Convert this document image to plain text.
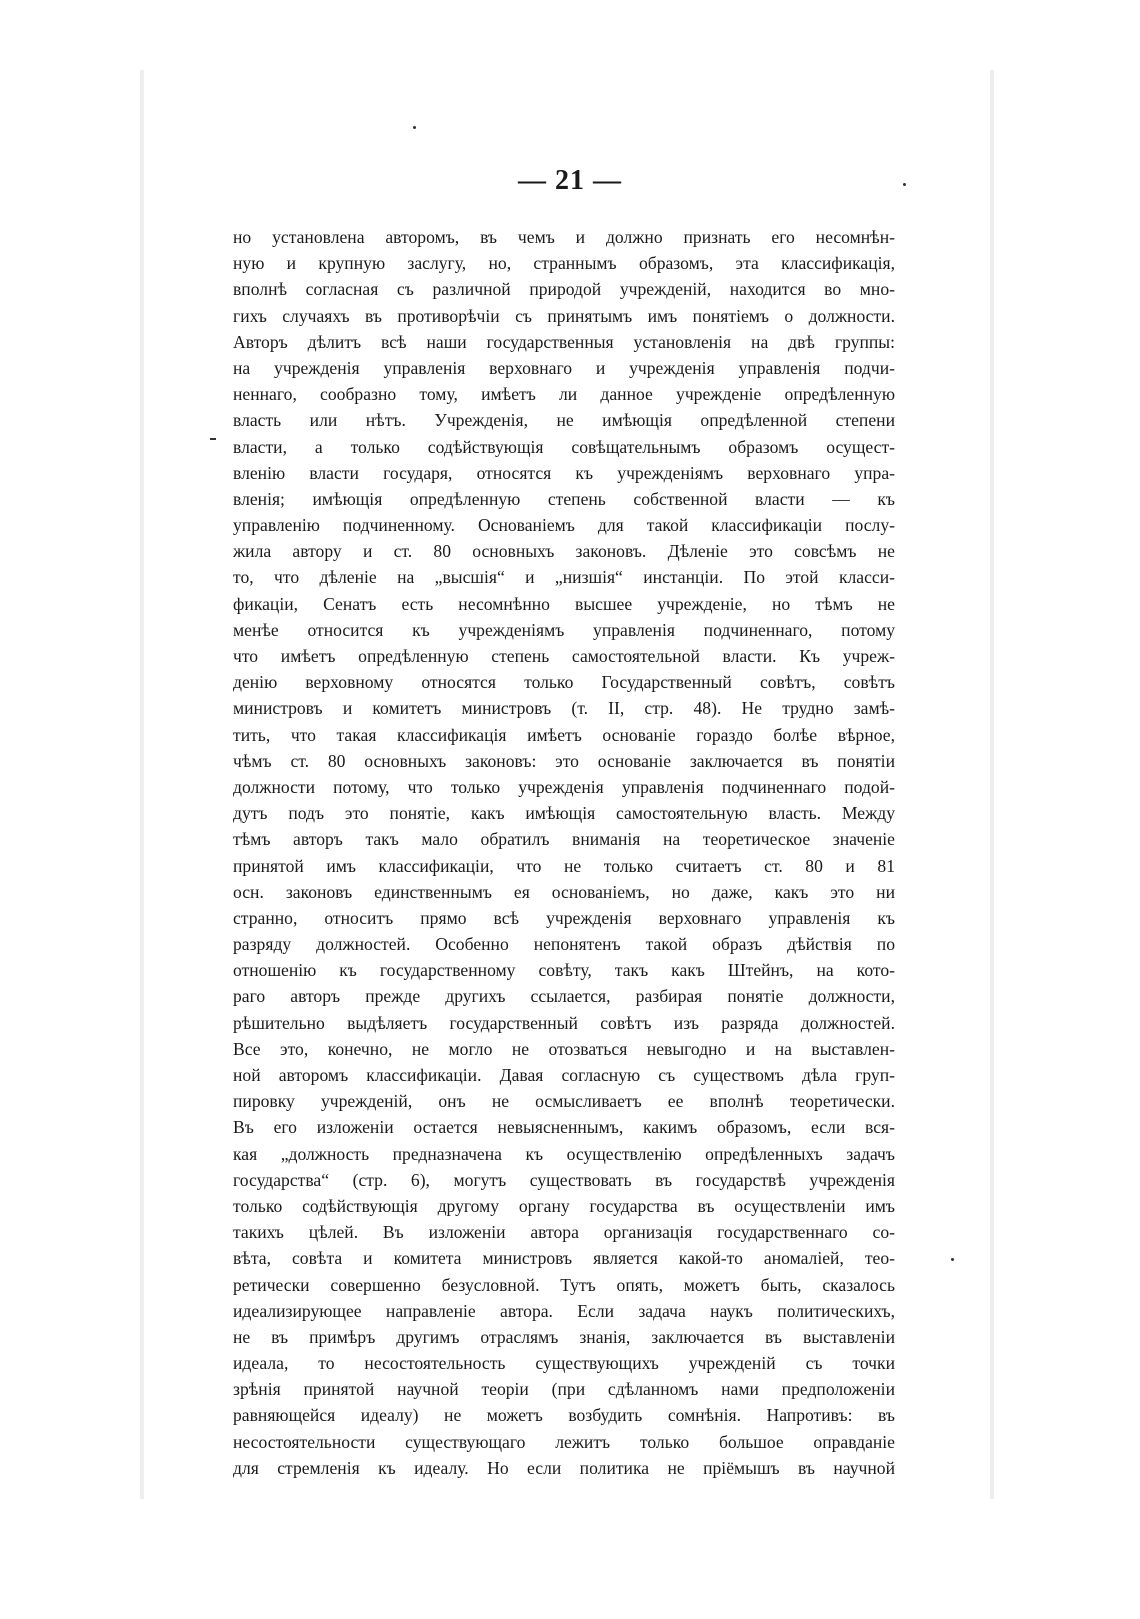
— 21 —
но установлена авторомъ, въ чемъ и должно признать его несомнѣн-
ную и крупную заслугу, но, страннымъ образомъ, эта классификація,
вполнѣ согласная съ различной природой учрежденій, находится во мно-
гихъ случаяхъ въ противорѣчіи съ принятымъ имъ понятіемъ о должности.
Авторъ дѣлитъ всѣ наши государственныя установленія на двѣ группы:
на учрежденія управленія верховнаго и учрежденія управленія подчи-
неннаго, сообразно тому, имѣетъ ли данное учрежденіе опредѣленную
власть или нѣтъ. Учрежденія, не имѣющія опредѣленной степени
власти, а только содѣйствующія совѣщательнымъ образомъ осущест-
вленію власти государя, относятся къ учрежденіямъ верховнаго упра-
вленія; имѣющія опредѣленную степень собственной власти — къ
управленію подчиненному. Основаніемъ для такой классификаціи послу-
жила автору и ст. 80 основныхъ законовъ. Дѣленіе это совсѣмъ не
то, что дѣленіе на „высшія“ и „низшія“ инстанціи. По этой класси-
фикаціи, Сенатъ есть несомнѣнно высшее учрежденіе, но тѣмъ не
менѣе относится къ учрежденіямъ управленія подчиненнаго, потому
что имѣетъ опредѣленную степень самостоятельной власти. Къ учреж-
денію верховному относятся только Государственный совѣтъ, совѣтъ
министровъ и комитетъ министровъ (т. II, стр. 48). Не трудно замѣ-
тить, что такая классификація имѣетъ основаніе гораздо болѣе вѣрное,
чѣмъ ст. 80 основныхъ законовъ: это основаніе заключается въ понятіи
должности потому, что только учрежденія управленія подчиненнаго подой-
дутъ подъ это понятіе, какъ имѣющія самостоятельную власть. Между
тѣмъ авторъ такъ мало обратилъ вниманія на теоретическое значеніе
принятой имъ классификаціи, что не только считаетъ ст. 80 и 81
осн. законовъ единственнымъ ея основаніемъ, но даже, какъ это ни
странно, относитъ прямо всѣ учрежденія верховнаго управленія къ
разряду должностей. Особенно непонятенъ такой образъ дѣйствія по
отношенію къ государственному совѣту, такъ какъ Штейнъ, на кото-
раго авторъ прежде другихъ ссылается, разбирая понятіе должности,
рѣшительно выдѣляетъ государственный совѣтъ изъ разряда должностей.
Все это, конечно, не могло не отозваться невыгодно и на выставлен-
ной авторомъ классификаціи. Давая согласную съ существомъ дѣла груп-
пировку учрежденій, онъ не осмысливаетъ ее вполнѣ теоретически.
Въ его изложеніи остается невыясненнымъ, какимъ образомъ, если вся-
кая „должность предназначена къ осуществленію опредѣленныхъ задачъ
государства“ (стр. 6), могутъ существовать въ государствѣ учрежденія
только содѣйствующія другому органу государства въ осуществленіи имъ
такихъ цѣлей. Въ изложеніи автора организація государственнаго со-
вѣта, совѣта и комитета министровъ является какой-то аномаліей, тео-
ретически совершенно безусловной. Тутъ опять, можетъ быть, сказалось
идеализирующее направленіе автора. Если задача наукъ политическихъ,
не въ примѣръ другимъ отраслямъ знанія, заключается въ выставленіи
идеала, то несостоятельность существующихъ учрежденій съ точки
зрѣнія принятой научной теоріи (при сдѣланномъ нами предположеніи
равняющейся идеалу) не можетъ возбудить сомнѣнія. Напротивъ: въ
несостоятельности существующаго лежитъ только большое оправданіе
для стремленія къ идеалу. Но если политика не пріёмышъ въ научной
